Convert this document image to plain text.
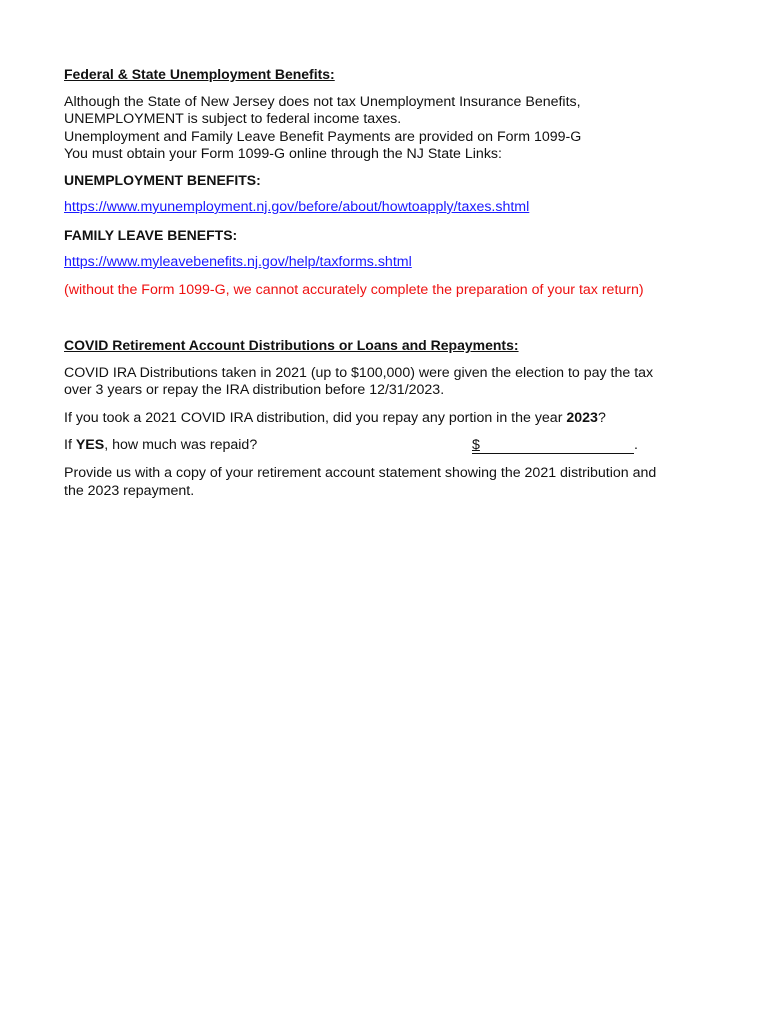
Federal & State Unemployment Benefits:

Although the State of New Jersey does not tax Unemployment Insurance Benefits,

UNEMPLOYMENT is subject to federal income taxes.

Unemployment and Family Leave Benefit Payments are provided on Form 1099-G

You must obtain your Form 1099-G online through the NJ State Links:

UNEMPLOYMENT BENEFITS:

https://www.myunemployment.nj.gov/before/about/howtoapply/taxes.shtml

FAMILY LEAVE BENEFTS:

https://www.myleavebenefits.nj.gov/help/taxforms.shtml

(without the Form 1099-G, we cannot accurately complete the preparation of your tax return)

COVID Retirement Account Distributions or Loans and Repayments:

COVID IRA Distributions taken in 2021 (up to $100,000) were given the election to pay the tax

over 3 years or repay the IRA distribution before 12/31/2023.

If you took a 2021 COVID IRA distribution, did you repay any portion in the year 2023?

If YES, how much was repaid?	$	.

Provide us with a copy of your retirement account statement showing the 2021 distribution and

the 2023 repayment.
